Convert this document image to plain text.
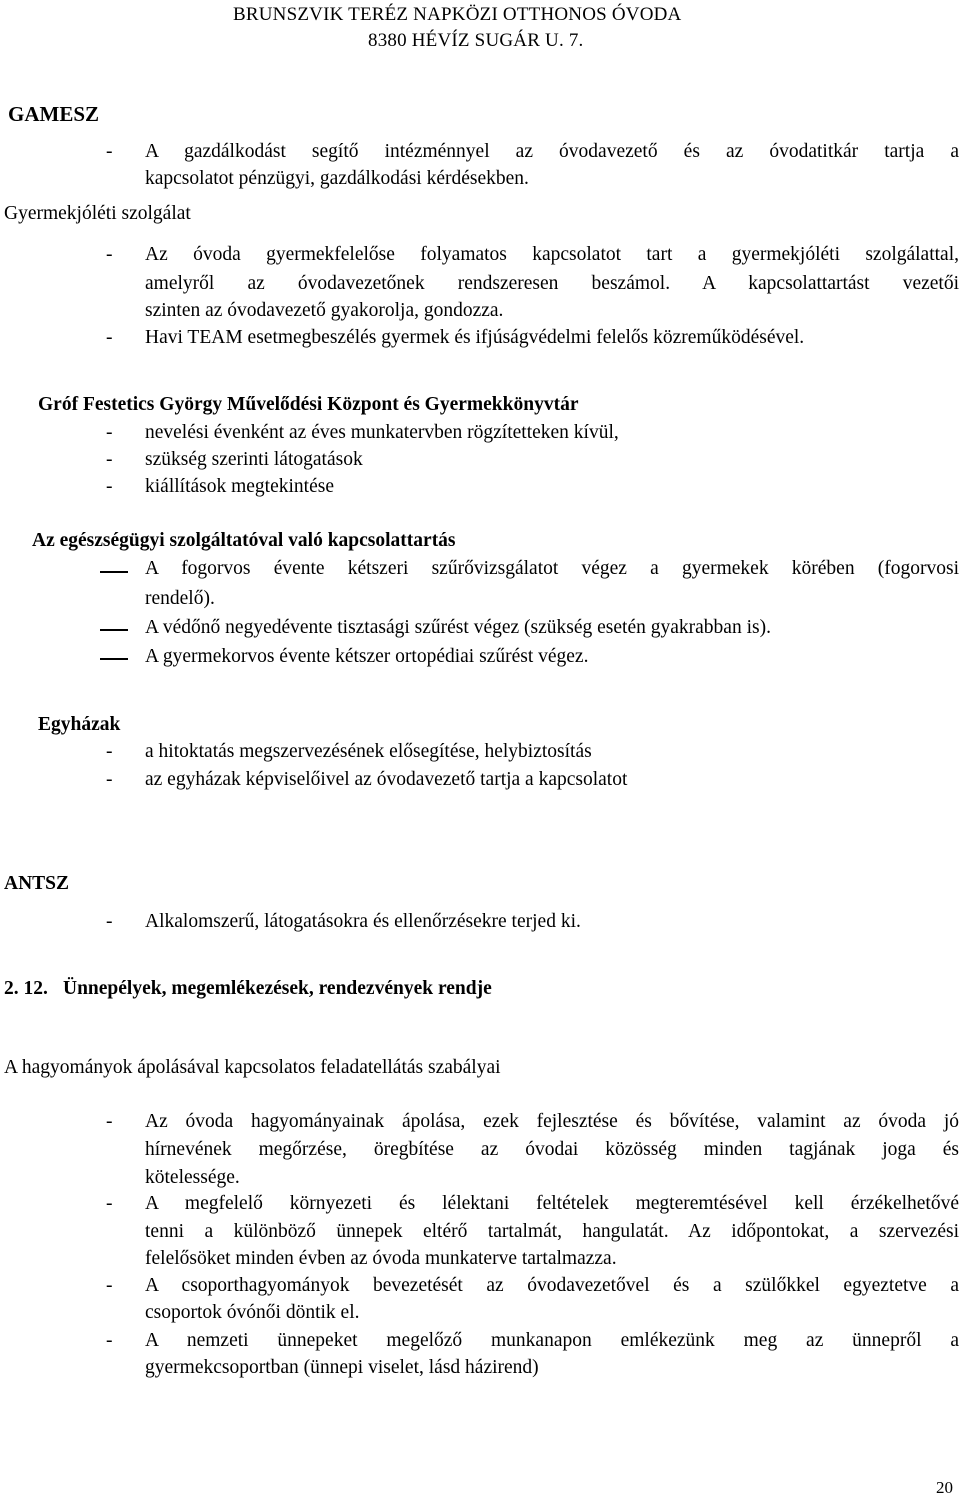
BRUNSZVIK TERÉZ NAPKÖZI OTTHONOS ÓVODA
8380 HÉVÍZ SUGÁR U. 7.
GAMESZ
- A gazdálkodást segítő intézménnyel az óvodavezető és az óvodatitkár tartja a
kapcsolatot pénzügyi, gazdálkodási kérdésekben.
Gyermekjóléti szolgálat
- Az óvoda gyermekfelelőse folyamatos kapcsolatot tart a gyermekjóléti szolgálattal,
amelyről az óvodavezetőnek rendszeresen beszámol. A kapcsolattartást vezetői
szinten az óvodavezető gyakorolja, gondozza.
- Havi TEAM esetmegbeszélés gyermek és ifjúságvédelmi felelős közreműködésével.
Gróf Festetics György Művelődési Központ és Gyermekkönyvtár
- nevelési évenként az éves munkatervben rögzítetteken kívül,
- szükség szerinti látogatások
- kiállítások megtekintése
Az egészségügyi szolgáltatóval való kapcsolattartás
A fogorvos évente kétszeri szűrővizsgálatot végez a gyermekek körében (fogorvosi
rendelő).
A védőnő negyedévente tisztasági szűrést végez (szükség esetén gyakrabban is).
A gyermekorvos évente kétszer ortopédiai szűrést végez.
Egyházak
- a hitoktatás megszervezésének elősegítése, helybiztosítás
- az egyházak képviselőivel az óvodavezető tartja a kapcsolatot
ANTSZ
- Alkalomszerű, látogatásokra és ellenőrzésekre terjed ki.
2. 12. Ünnepélyek, megemlékezések, rendezvények rendje
A hagyományok ápolásával kapcsolatos feladatellátás szabályai
- Az óvoda hagyományainak ápolása, ezek fejlesztése és bővítése, valamint az óvoda jó
hírnevének megőrzése, öregbítése az óvodai közösség minden tagjának joga és
kötelessége.
- A megfelelő környezeti és lélektani feltételek megteremtésével kell érzékelhetővé
tenni a különböző ünnepek eltérő tartalmát, hangulatát. Az időpontokat, a szervezési
felelősöket minden évben az óvoda munkaterve tartalmazza.
- A csoporthagyományok bevezetését az óvodavezetővel és a szülőkkel egyeztetve a
csoportok óvónői döntik el.
- A nemzeti ünnepeket megelőző munkanapon emlékezünk meg az ünnepről a
gyermekcsoportban (ünnepi viselet, lásd házirend)
20
